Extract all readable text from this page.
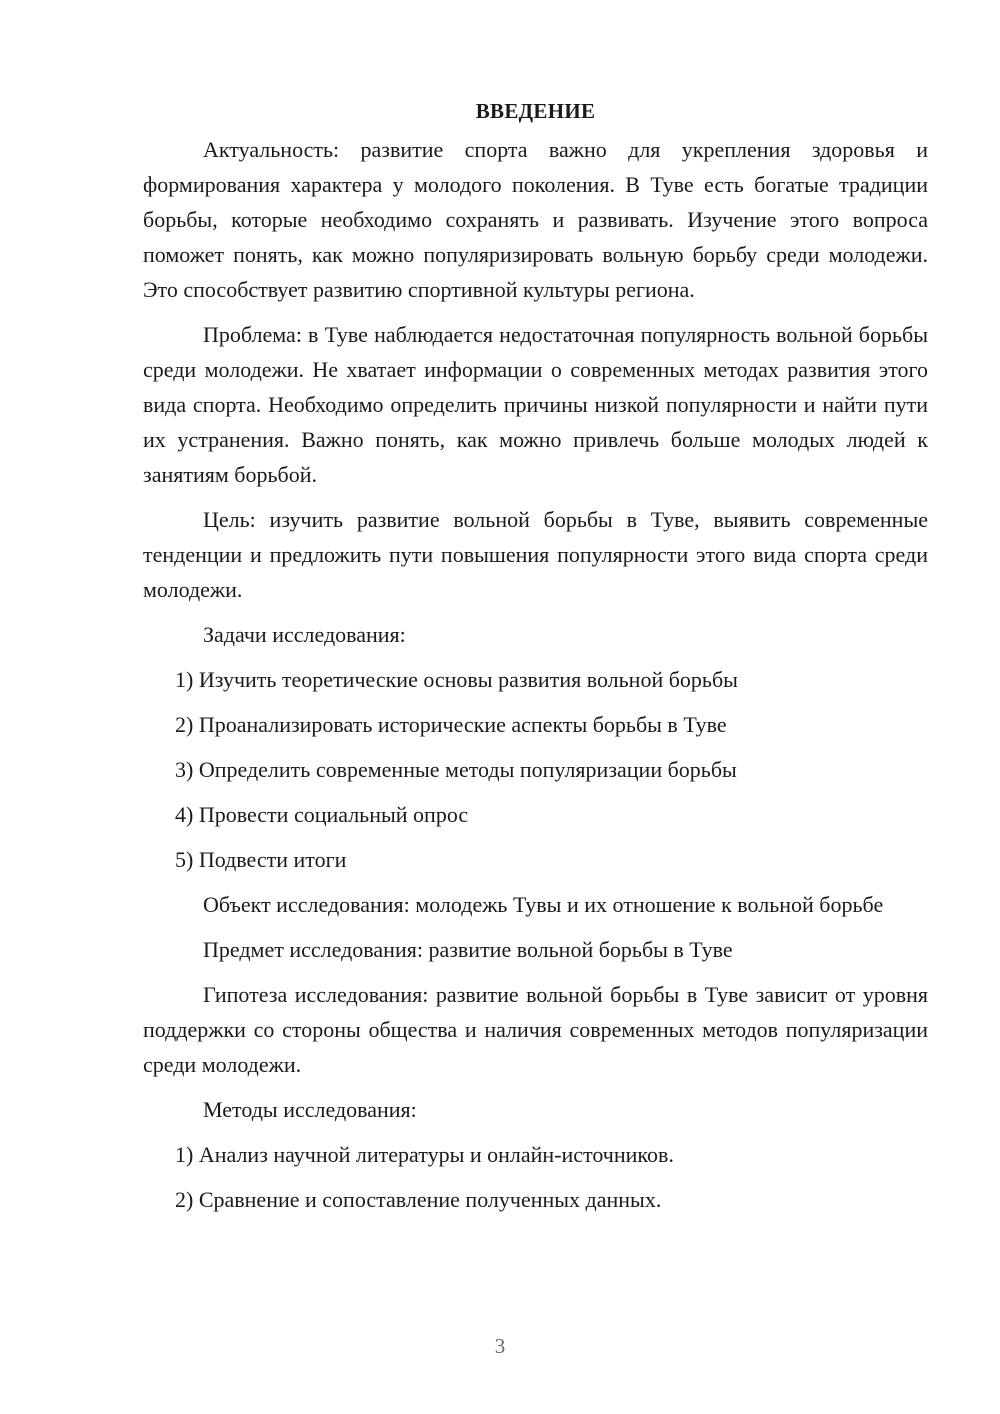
ВВЕДЕНИЕ

Актуальность: развитие спорта важно для укрепления здоровья и формирования характера у молодого поколения. В Туве есть богатые традиции борьбы, которые необходимо сохранять и развивать. Изучение этого вопроса поможет понять, как можно популяризировать вольную борьбу среди молодежи. Это способствует развитию спортивной культуры региона.

Проблема: в Туве наблюдается недостаточная популярность вольной борьбы среди молодежи. Не хватает информации о современных методах развития этого вида спорта. Необходимо определить причины низкой популярности и найти пути их устранения. Важно понять, как можно привлечь больше молодых людей к занятиям борьбой.

Цель: изучить развитие вольной борьбы в Туве, выявить современные тенденции и предложить пути повышения популярности этого вида спорта среди молодежи.

Задачи исследования:

1) Изучить теоретические основы развития вольной борьбы
2) Проанализировать исторические аспекты борьбы в Туве
3) Определить современные методы популяризации борьбы
4) Провести социальный опрос
5) Подвести итоги

Объект исследования: молодежь Тувы и их отношение к вольной борьбе

Предмет исследования: развитие вольной борьбы в Туве

Гипотеза исследования: развитие вольной борьбы в Туве зависит от уровня поддержки со стороны общества и наличия современных методов популяризации среди молодежи.

Методы исследования:

1) Анализ научной литературы и онлайн-источников.
2) Сравнение и сопоставление полученных данных.
3
